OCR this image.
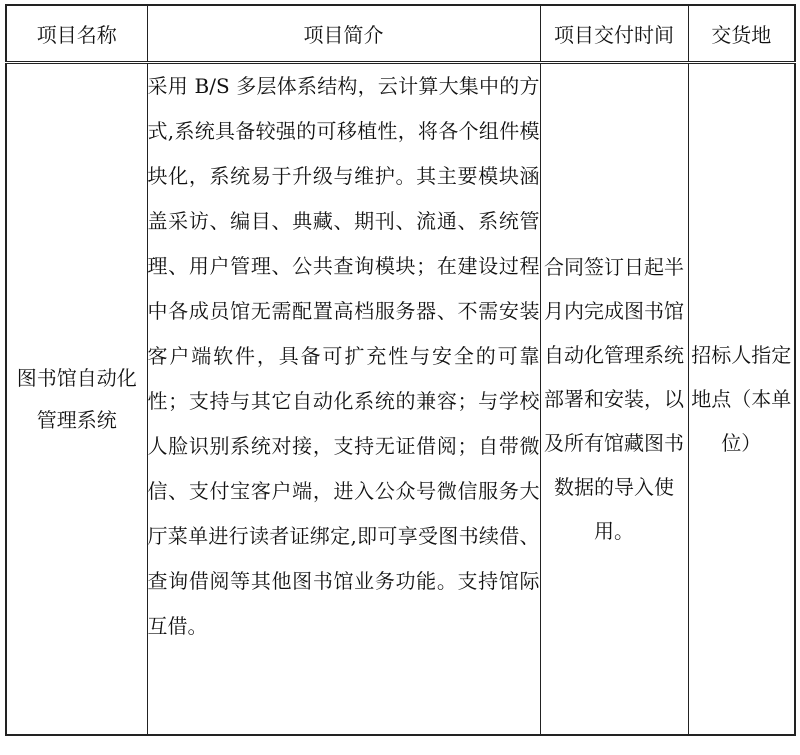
项目名称	项目简介	项目交付时间	交货地
图书馆自动化管理系统	采用 B/S 多层体系结构，云计算大集中的方式,系统具备较强的可移植性，将各个组件模块化，系统易于升级与维护。其主要模块涵盖采访、编目、典藏、期刊、流通、系统管理、用户管理、公共查询模块；在建设过程中各成员馆无需配置高档服务器、不需安装客户端软件，具备可扩充性与安全的可靠性；支持与其它自动化系统的兼容；与学校人脸识别系统对接，支持无证借阅；自带微信、支付宝客户端，进入公众号微信服务大厅菜单进行读者证绑定,即可享受图书续借、查询借阅等其他图书馆业务功能。支持馆际互借。	合同签订日起半月内完成图书馆自动化管理系统部署和安装，以及所有馆藏图书数据的导入使用。	招标人指定地点（本单位）
